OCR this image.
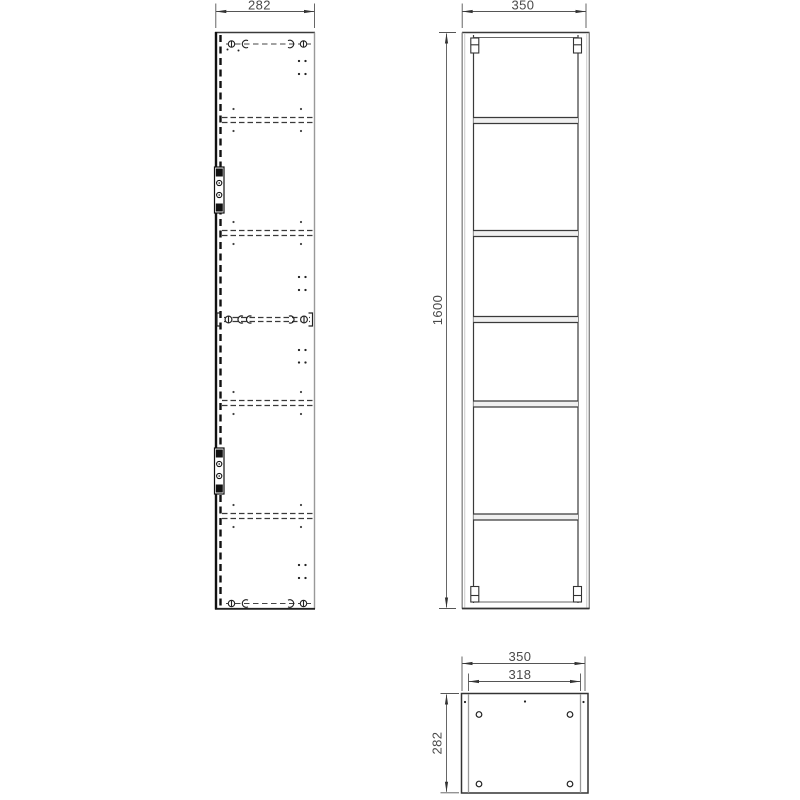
282	350
1600
350
318
282
